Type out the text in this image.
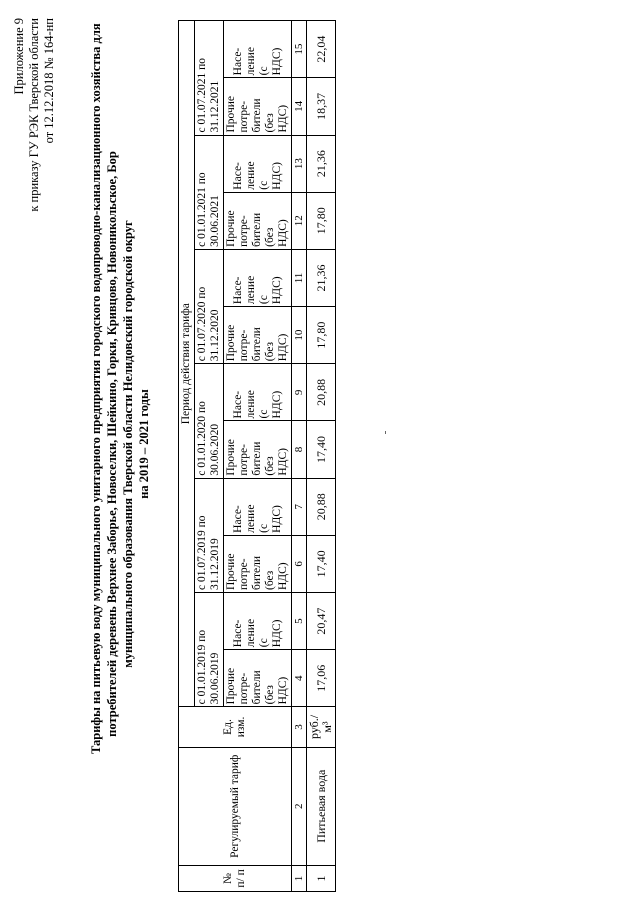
Приложение 9 к приказу ГУ РЭК Тверской области от 12.12.2018 № 164-нп	Тарифы на питьевую воду муниципального унитарного предприятия городского водопроводно-канализационного хозяйства для потребителей деревень Верхнее Заборье, Новоселки, Шейкино, Горки, Кривцово, Новоникольское, Бор муниципального образования Тверской области Нелидовский городской округ на 2019 – 2021 годы
№ п/ п	Регулируемый тариф	Ед. изм.	Период действия тарифа											
			с 01.01.2019 по 30.06.2019		с 01.07.2019 по 31.12.2019		с 01.01.2020 по 30.06.2020		с 01.07.2020 по 31.12.2020		с 01.01.2021 по 30.06.2021		с 01.07.2021 по 31.12.2021	

			Прочие
потре-
бители
(без
НДС)	Насе-
ление
(с
НДС)	Прочие
потре-
бители
(без
НДС)	Насе-
ление
(с
НДС)	Прочие
потре-
бители
(без
НДС)	Насе-
ление
(с
НДС)	Прочие
потре-
бители
(без
НДС)	Насе-
ление
(с
НДС)	Прочие
потре-
бители
(без
НДС)	Насе-
ление
(с
НДС)	Прочие
потре-
бители
(без
НДС)	Насе-
ление
(с
НДС)

1	2	3	4	5	6	7	8	9	10	11	12	13	14	15
1	Питьевая вода	руб./м³	17,06	20,47	17,40	20,88	17,40	20,88	17,80	21,36	17,80	21,36	18,37	22,04
